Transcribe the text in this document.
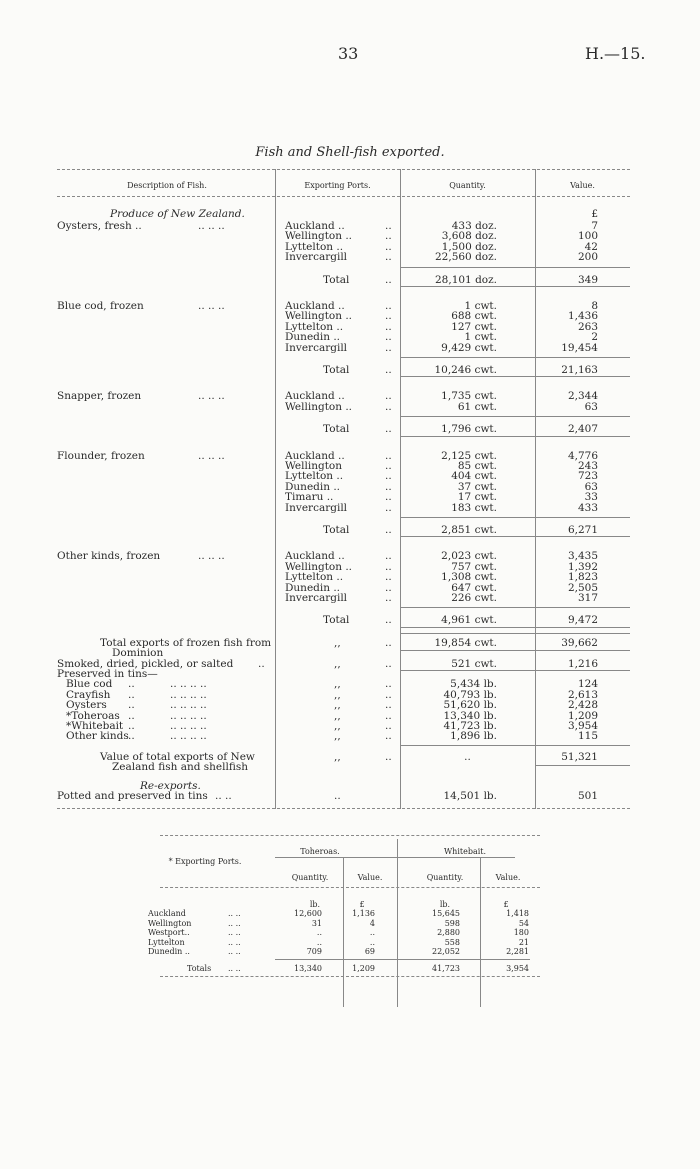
33	H.—15.
Fish and Shell-fish exported.
Description of Fish.	Exporting Ports.	Quantity.	Value.
Produce of New Zealand.	£
Oysters, fresh ..	.. .. ..	Auckland ..	..	433 doz.	7
Wellington ..	..	3,608 doz.	100
Lyttelton ..	..	1,500 doz.	42
Invercargill	..	22,560 doz.	200
Total	..	28,101 doz.	349
Blue cod, frozen	.. .. ..	Auckland ..	..	1 cwt.	8
Wellington ..	..	688 cwt.	1,436
Lyttelton ..	..	127 cwt.	263
Dunedin ..	..	1 cwt.	2
Invercargill	..	9,429 cwt.	19,454
Total	..	10,246 cwt.	21,163
Snapper, frozen	.. .. ..	Auckland ..	..	1,735 cwt.	2,344
Wellington ..	..	61 cwt.	63
Total	..	1,796 cwt.	2,407
Flounder, frozen	.. .. ..	Auckland ..	..	2,125 cwt.	4,776
Wellington	..	85 cwt.	243
Lyttelton ..	..	404 cwt.	723
Dunedin ..	..	37 cwt.	63
Timaru ..	..	17 cwt.	33
Invercargill	..	183 cwt.	433
Total	..	2,851 cwt.	6,271
Other kinds, frozen	.. .. ..	Auckland ..	..	2,023 cwt.	3,435
Wellington ..	..	757 cwt.	1,392
Lyttelton ..	..	1,308 cwt.	1,823
Dunedin ..	..	647 cwt.	2,505
Invercargill	..	226 cwt.	317
Total	..	4,961 cwt.	9,472
Total exports of frozen fish from	,,	..	19,854 cwt.	39,662
Dominion
Smoked, dried, pickled, or salted ..	,,	..	521 cwt.	1,216
Preserved in tins—
Blue cod ..	.. .. .. ..	,,	..	5,434 lb.	124
Crayfish ..	.. .. .. ..	,,	..	40,793 lb.	2,613
Oysters ..	.. .. .. ..	,,	..	51,620 lb.	2,428
*Toheroas ..	.. .. .. ..	,,	..	13,340 lb.	1,209
*Whitebait ..	.. .. .. ..	,,	..	41,723 lb.	3,954
Other kinds ..	.. .. .. ..	,,	..	1,896 lb.	115
Value of total exports of New	,,	..	..	51,321
Zealand fish and shellfish
Re-exports.
Potted and preserved in tins .. ..	..	14,501 lb.	501
Toheroas.	Whitebait.
* Exporting Ports.
Quantity.	Value.	Quantity.	Value.
lb.	£	lb.	£
Auckland	.. ..	12,600	1,136	15,645	1,418
Wellington	.. ..	31	4	598	54
Westport..	.. ..	..	..	2,880	180
Lyttelton	.. ..	..	..	558	21
Dunedin ..	.. ..	709	69	22,052	2,281
Totals .. ..	13,340	1,209	41,723	3,954
